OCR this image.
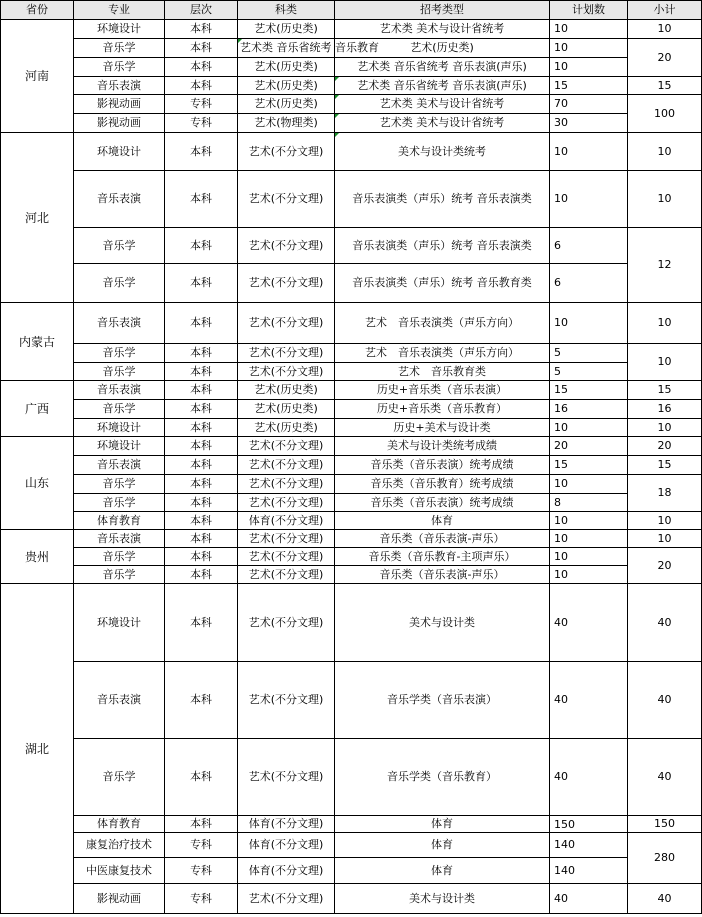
省份	专业	层次	科类	招考类型	计划数	小计
河南	环境设计	本科	艺术(历史类)	艺术类 美术与设计省统考	10	10
	音乐学	本科	艺术类 音乐省统考 音乐教育	艺术(历史类)	10	20
	音乐学	本科	艺术(历史类)	艺术类 音乐省统考 音乐表演(声乐)	10	
	音乐表演	本科	艺术(历史类)	艺术类 音乐省统考 音乐表演(声乐)	15	15
	影视动画	专科	艺术(历史类)	艺术类 美术与设计省统考	70	100
	影视动画	专科	艺术(物理类)	艺术类 美术与设计省统考	30	
河北	环境设计	本科	艺术(不分文理)	美术与设计类统考	10	10
	音乐表演	本科	艺术(不分文理)	音乐表演类（声乐）统考 音乐表演类	10	10
	音乐学	本科	艺术(不分文理)	音乐表演类（声乐）统考 音乐表演类	6	12
	音乐学	本科	艺术(不分文理)	音乐表演类（声乐）统考 音乐教育类	6	
内蒙古	音乐表演	本科	艺术(不分文理)	艺术　音乐表演类（声乐方向）	10	10
	音乐学	本科	艺术(不分文理)	艺术　音乐表演类（声乐方向）	5	10
	音乐学	本科	艺术(不分文理)	艺术　音乐教育类	5	
广西	音乐表演	本科	艺术(历史类)	历史+音乐类（音乐表演）	15	15
	音乐学	本科	艺术(历史类)	历史+音乐类（音乐教育）	16	16
	环境设计	本科	艺术(历史类)	历史+美术与设计类	10	10
山东	环境设计	本科	艺术(不分文理)	美术与设计类统考成绩	20	20
	音乐表演	本科	艺术(不分文理)	音乐类（音乐表演）统考成绩	15	15
	音乐学	本科	艺术(不分文理)	音乐类（音乐教育）统考成绩	10	18
	音乐学	本科	艺术(不分文理)	音乐类（音乐表演）统考成绩	8	
	体育教育	本科	体育(不分文理)	体育	10	10
贵州	音乐表演	本科	艺术(不分文理)	音乐类（音乐表演-声乐）	10	10
	音乐学	本科	艺术(不分文理)	音乐类（音乐教育-主项声乐）	10	20
	音乐学	本科	艺术(不分文理)	音乐类（音乐表演-声乐）	10	
湖北	环境设计	本科	艺术(不分文理)	美术与设计类	40	40
	音乐表演	本科	艺术(不分文理)	音乐学类（音乐表演）	40	40
	音乐学	本科	艺术(不分文理)	音乐学类（音乐教育）	40	40
	体育教育	本科	体育(不分文理)	体育	150	150
	康复治疗技术	专科	体育(不分文理)	体育	140	280
	中医康复技术	专科	体育(不分文理)	体育	140	
	影视动画	专科	艺术(不分文理)	美术与设计类	40	40
